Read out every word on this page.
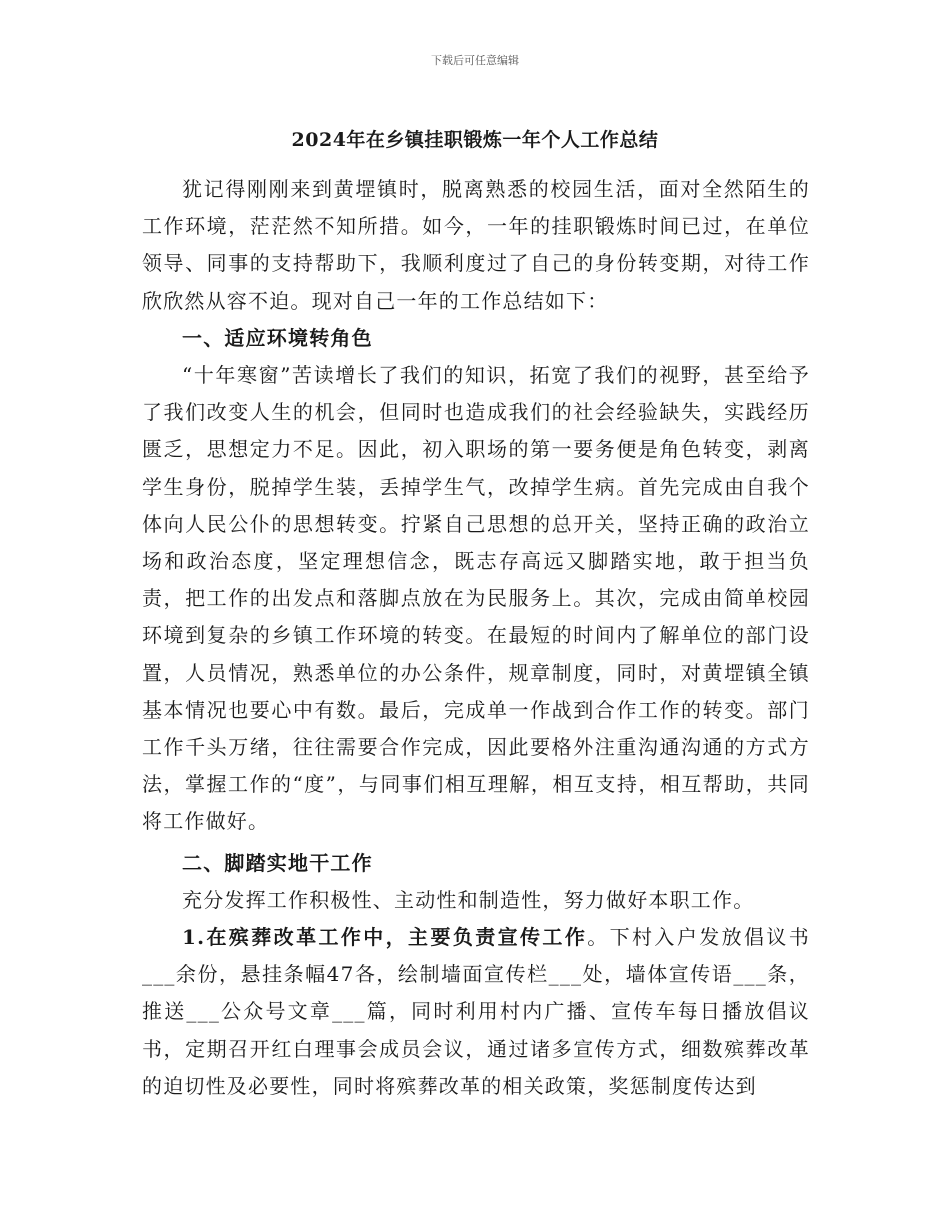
下载后可任意编辑
2024年在乡镇挂职锻炼一年个人工作总结

犹记得刚刚来到黄堽镇时，脱离熟悉的校园生活，面对全然陌生的工作环境，茫茫然不知所措。如今，一年的挂职锻炼时间已过，在单位领导、同事的支持帮助下，我顺利度过了自己的身份转变期，对待工作欣欣然从容不迫。现对自己一年的工作总结如下：

一、适应环境转角色

“十年寒窗”苦读增长了我们的知识，拓宽了我们的视野，甚至给予了我们改变人生的机会，但同时也造成我们的社会经验缺失，实践经历匮乏，思想定力不足。因此，初入职场的第一要务便是角色转变，剥离学生身份，脱掉学生装，丢掉学生气，改掉学生病。首先完成由自我个体向人民公仆的思想转变。拧紧自己思想的总开关，坚持正确的政治立场和政治态度，坚定理想信念，既志存高远又脚踏实地，敢于担当负责，把工作的出发点和落脚点放在为民服务上。其次，完成由简单校园环境到复杂的乡镇工作环境的转变。在最短的时间内了解单位的部门设置，人员情况，熟悉单位的办公条件，规章制度，同时，对黄堽镇全镇基本情况也要心中有数。最后，完成单一作战到合作工作的转变。部门工作千头万绪，往往需要合作完成，因此要格外注重沟通沟通的方式方法，掌握工作的“度”，与同事们相互理解，相互支持，相互帮助，共同将工作做好。

二、脚踏实地干工作

充分发挥工作积极性、主动性和制造性，努力做好本职工作。

1.在殡葬改革工作中，主要负责宣传工作。下村入户发放倡议书___余份，悬挂条幅47各，绘制墙面宣传栏___处，墙体宣传语___条，推送___公众号文章___篇，同时利用村内广播、宣传车每日播放倡议书，定期召开红白理事会成员会议，通过诸多宣传方式，细数殡葬改革的迫切性及必要性，同时将殡葬改革的相关政策，奖惩制度传达到
